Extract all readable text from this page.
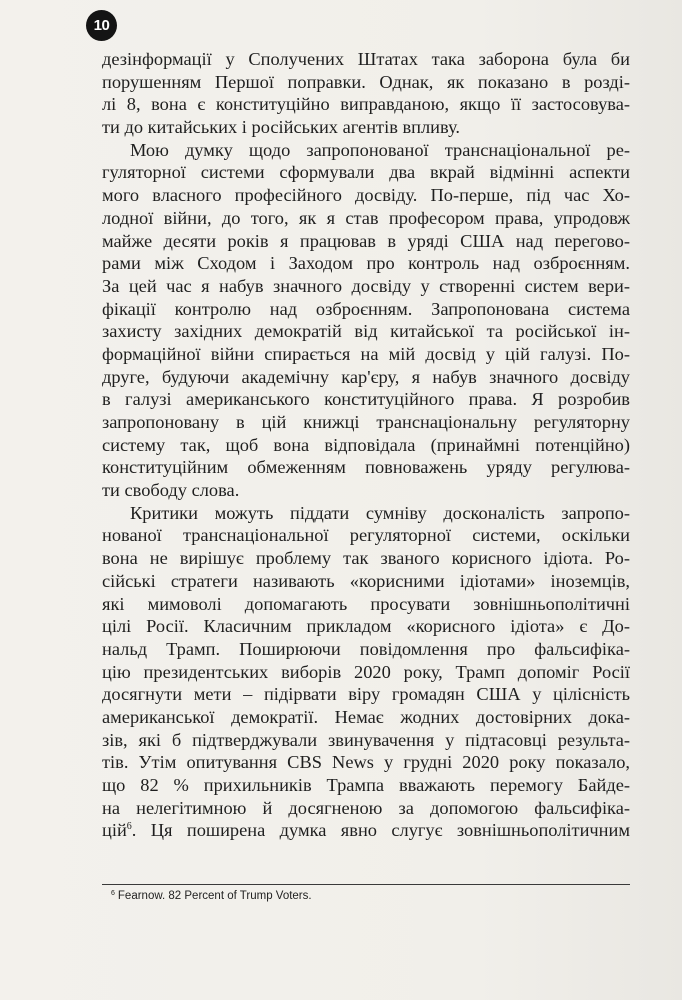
10
дезінформації у Сполучених Штатах така заборона була би
порушенням Першої поправки. Однак, як показано в розді-
лі 8, вона є конституційно виправданою, якщо її застосовува-
ти до китайських і російських агентів впливу.
Мою думку щодо запропонованої транснаціональної ре-
гуляторної системи сформували два вкрай відмінні аспекти
мого власного професійного досвіду. По-перше, під час Хо-
лодної війни, до того, як я став професором права, упродовж
майже десяти років я працював в уряді США над перегово-
рами між Сходом і Заходом про контроль над озброєнням.
За цей час я набув значного досвіду у створенні систем вери-
фікації контролю над озброєнням. Запропонована система
захисту західних демократій від китайської та російської ін-
формаційної війни спирається на мій досвід у цій галузі. По-
друге, будуючи академічну кар'єру, я набув значного досвіду
в галузі американського конституційного права. Я розробив
запропоновану в цій книжці транснаціональну регуляторну
систему так, щоб вона відповідала (принаймні потенційно)
конституційним обмеженням повноважень уряду регулюва-
ти свободу слова.
Критики можуть піддати сумніву досконалість запропо-
нованої транснаціональної регуляторної системи, оскільки
вона не вирішує проблему так званого корисного ідіота. Ро-
сійські стратеги називають «корисними ідіотами» іноземців,
які мимоволі допомагають просувати зовнішньополітичні
цілі Росії. Класичним прикладом «корисного ідіота» є До-
нальд Трамп. Поширюючи повідомлення про фальсифіка-
цію президентських виборів 2020 року, Трамп допоміг Росії
досягнути мети – підірвати віру громадян США у цілісність
американської демократії. Немає жодних достовірних дока-
зів, які б підтверджували звинувачення у підтасовці результа-
тів. Утім опитування CBS News у грудні 2020 року показало,
що 82 % прихильників Трампа вважають перемогу Байде-
на нелегітимною й досягненою за допомогою фальсифіка-
цій$^6$. Ця поширена думка явно слугує зовнішньополітичним
$^6$ Fearnow. 82 Percent of Trump Voters.
